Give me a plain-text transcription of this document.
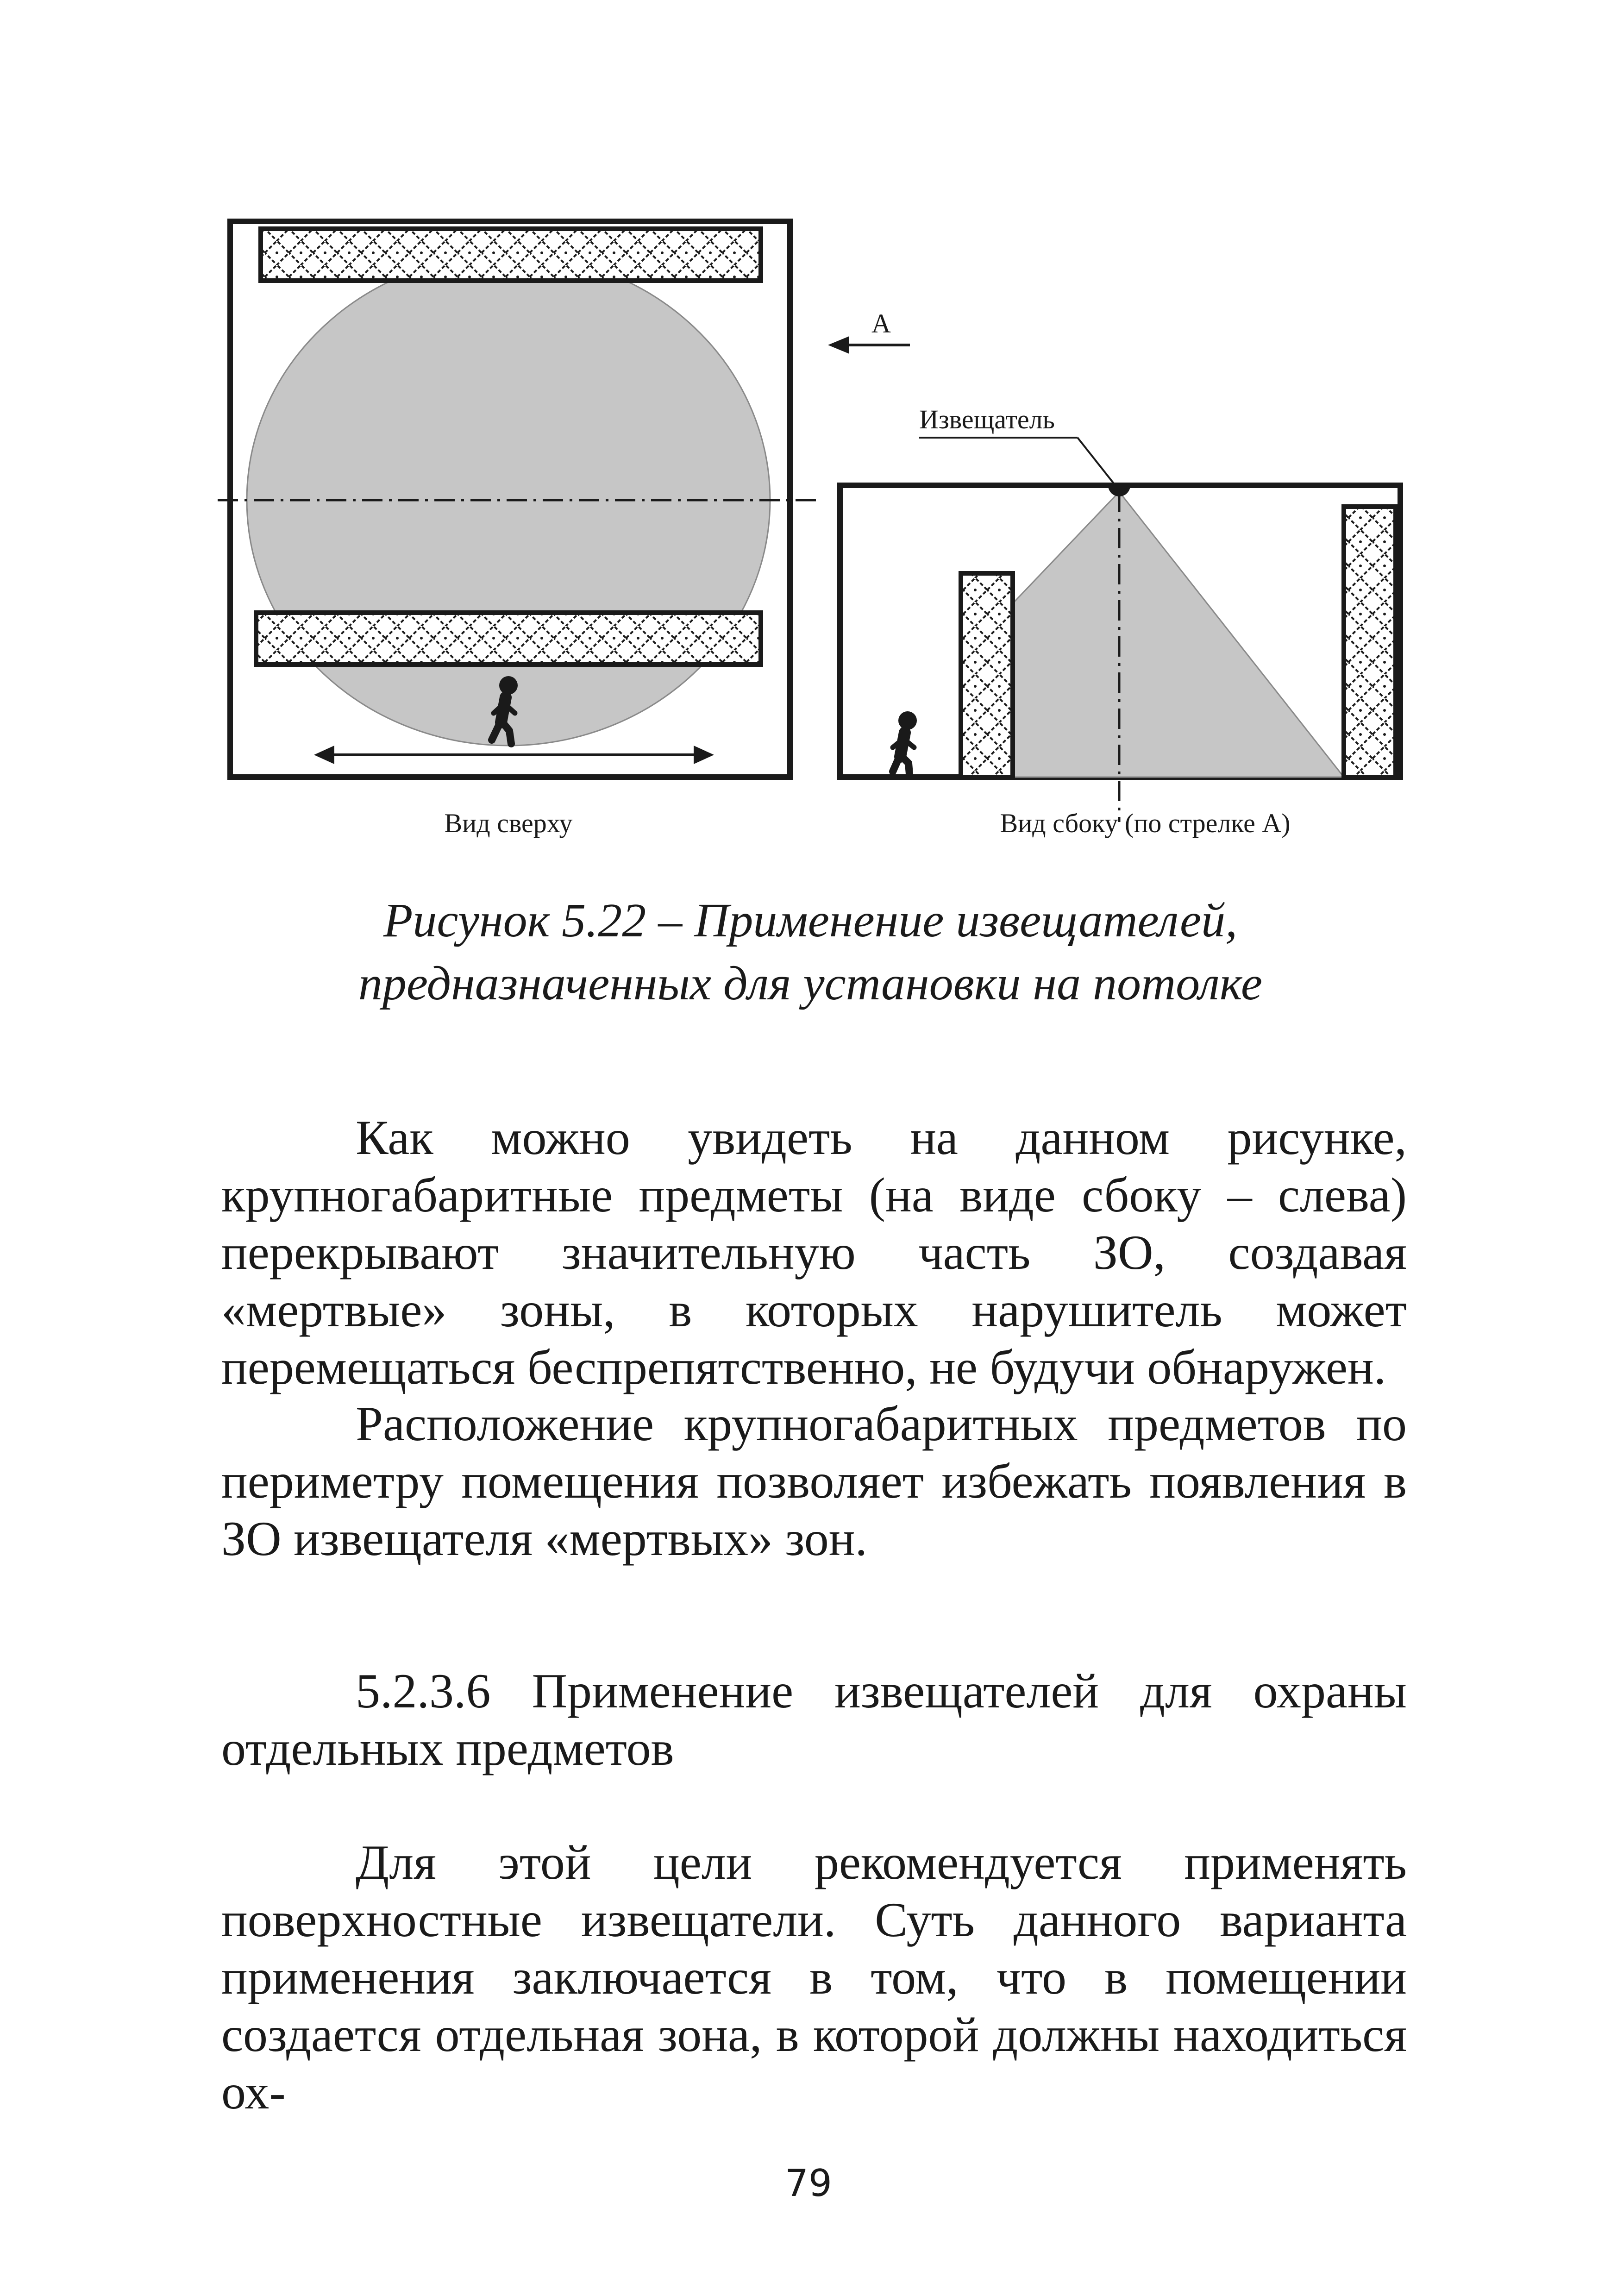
Вид сверху
А
Извещатель
Вид сбоку (по стрелке А)
Рисунок 5.22 – Применение извещателей,
предназначенных для установки на потолке

Как можно увидеть на данном рисунке, крупногабаритные предметы (на виде сбоку – слева) перекрывают значительную часть ЗО, создавая «мертвые» зоны, в которых нарушитель может перемещаться беспрепятственно, не будучи обнаружен.

Расположение крупногабаритных предметов по периметру помещения позволяет избежать появления в ЗО извещателя «мертвых» зон.

5.2.3.6 Применение извещателей для охраны отдельных предметов

Для этой цели рекомендуется применять поверхностные извещатели. Суть данного варианта применения заключается в том, что в помещении создается отдельная зона, в которой должны находиться ох-

79
